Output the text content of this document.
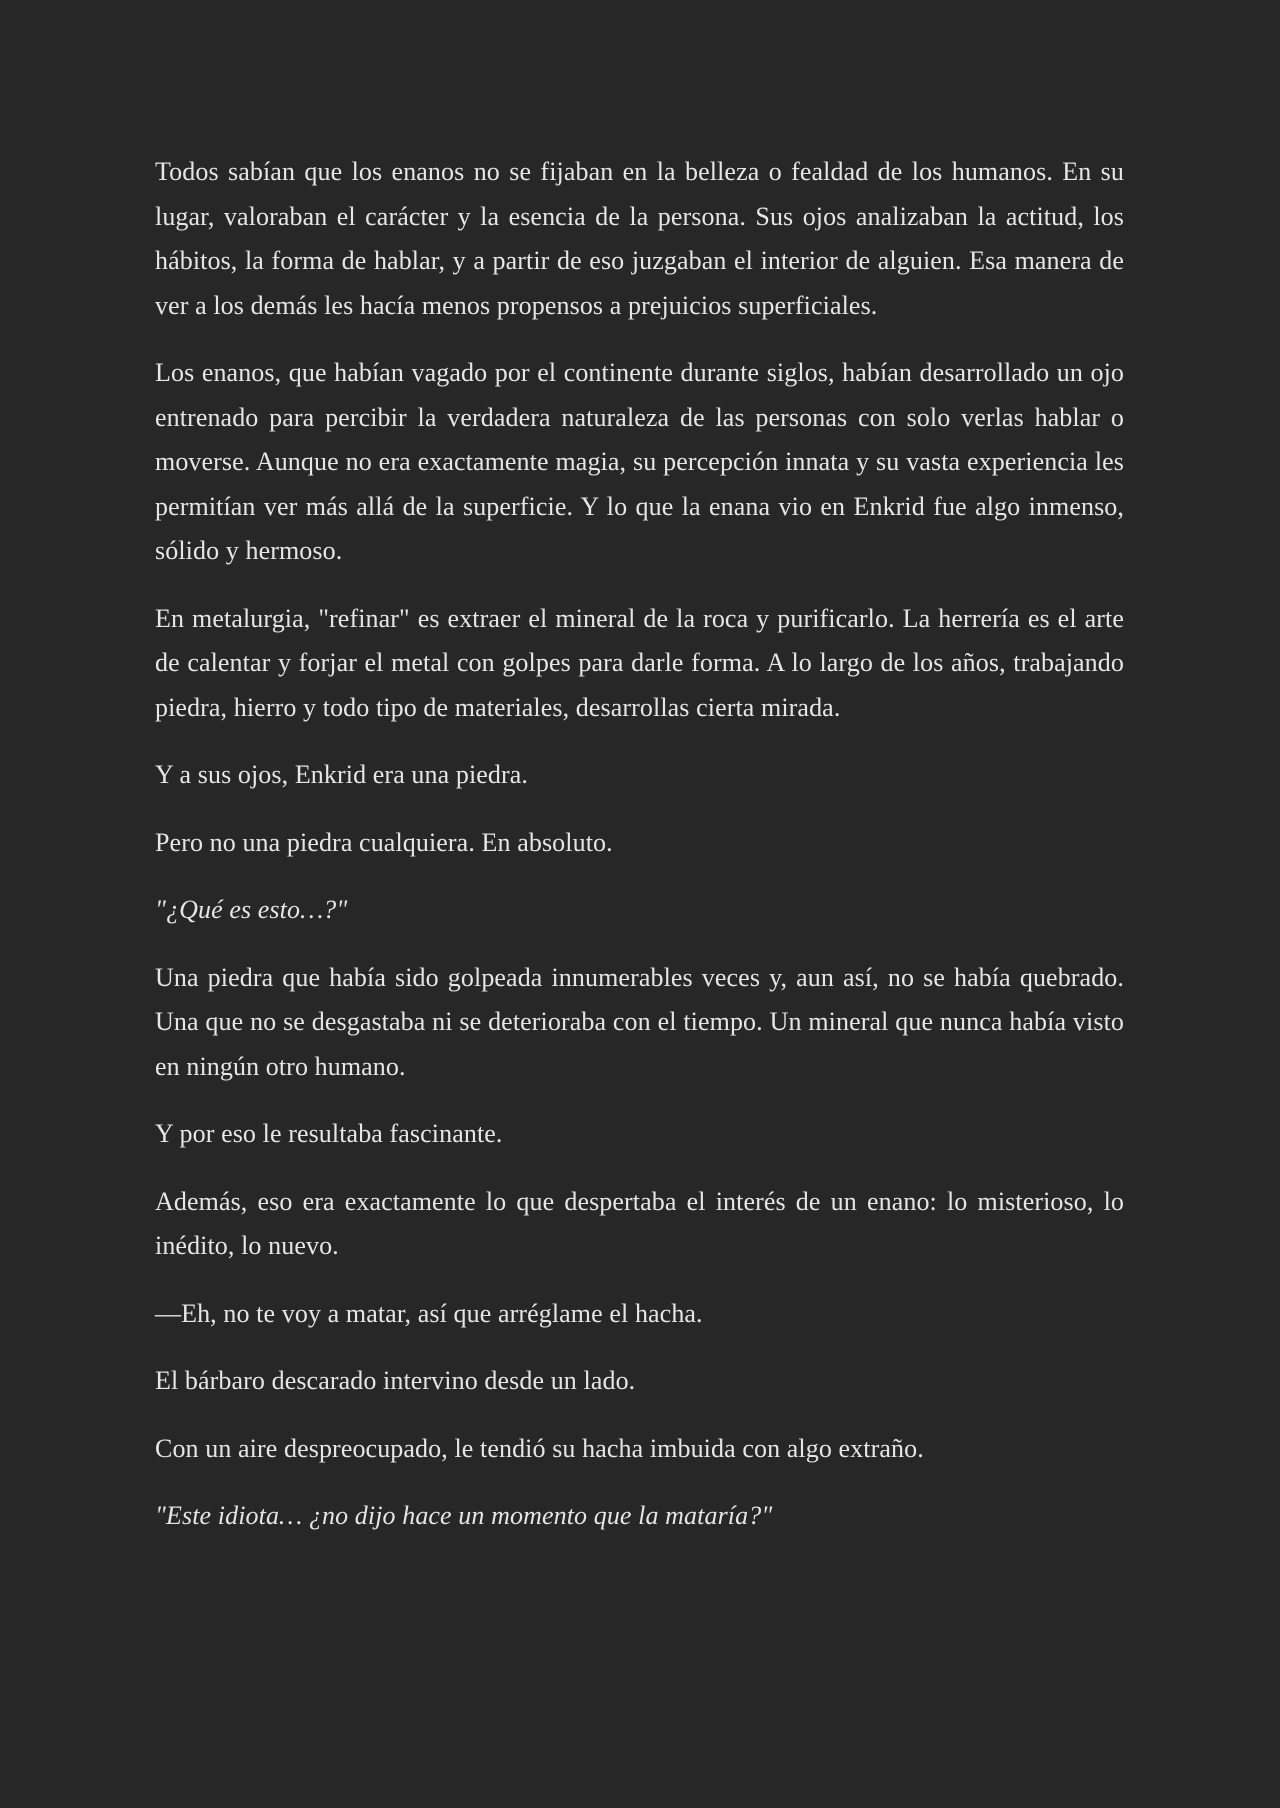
Todos sabían que los enanos no se fijaban en la belleza o fealdad de los humanos. En su lugar, valoraban el carácter y la esencia de la persona. Sus ojos analizaban la actitud, los hábitos, la forma de hablar, y a partir de eso juzgaban el interior de alguien. Esa manera de ver a los demás les hacía menos propensos a prejuicios superficiales.

Los enanos, que habían vagado por el continente durante siglos, habían desarrollado un ojo entrenado para percibir la verdadera naturaleza de las personas con solo verlas hablar o moverse. Aunque no era exactamente magia, su percepción innata y su vasta experiencia les permitían ver más allá de la superficie. Y lo que la enana vio en Enkrid fue algo inmenso, sólido y hermoso.

En metalurgia, "refinar" es extraer el mineral de la roca y purificarlo. La herrería es el arte de calentar y forjar el metal con golpes para darle forma. A lo largo de los años, trabajando piedra, hierro y todo tipo de materiales, desarrollas cierta mirada.

Y a sus ojos, Enkrid era una piedra.

Pero no una piedra cualquiera. En absoluto.

"¿Qué es esto…?"

Una piedra que había sido golpeada innumerables veces y, aun así, no se había quebrado. Una que no se desgastaba ni se deterioraba con el tiempo. Un mineral que nunca había visto en ningún otro humano.

Y por eso le resultaba fascinante.

Además, eso era exactamente lo que despertaba el interés de un enano: lo misterioso, lo inédito, lo nuevo.

—Eh, no te voy a matar, así que arréglame el hacha.

El bárbaro descarado intervino desde un lado.

Con un aire despreocupado, le tendió su hacha imbuida con algo extraño.

"Este idiota… ¿no dijo hace un momento que la mataría?"
